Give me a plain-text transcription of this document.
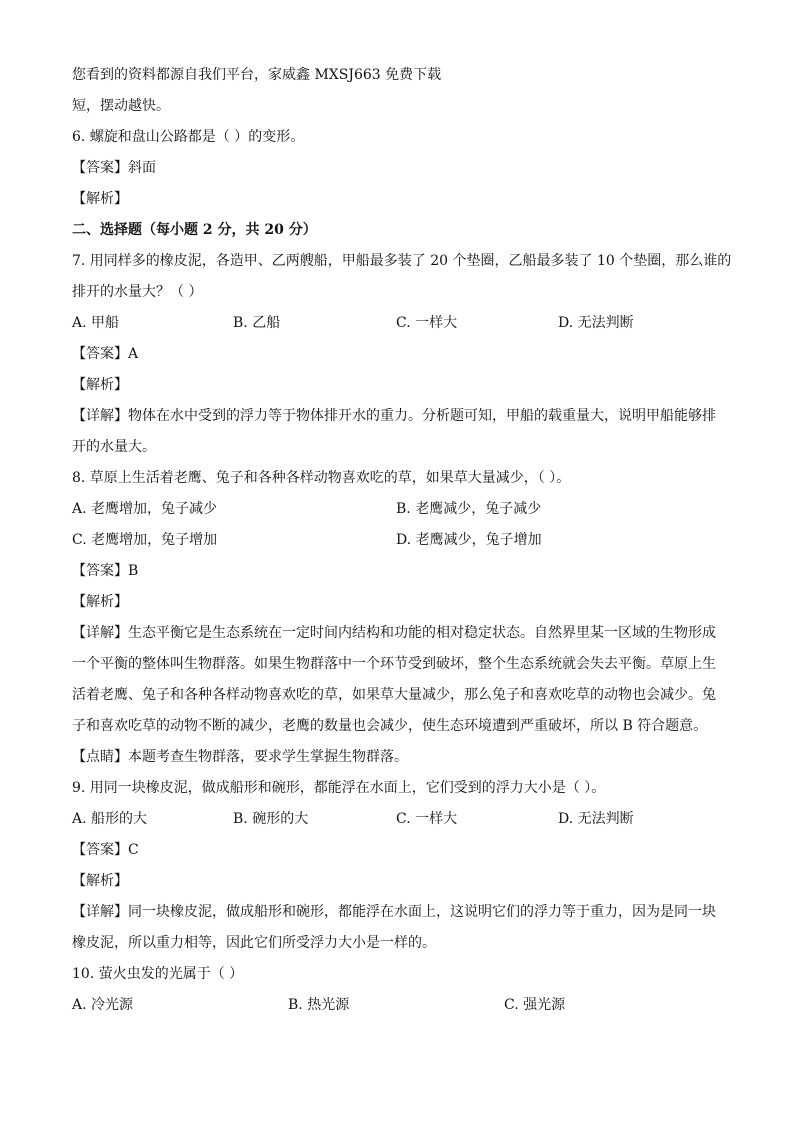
您看到的资料都源自我们平台，家威鑫 MXSJ663 免费下载
短，摆动越快。
6. 螺旋和盘山公路都是（ ）的变形。
【答案】斜面
【解析】
二、选择题（每小题 2 分，共 20 分）
7. 用同样多的橡皮泥，各造甲、乙两艘船，甲船最多装了 20 个垫圈，乙船最多装了 10 个垫圈，那么谁的
排开的水量大？（ ）
A. 甲船	B. 乙船	C. 一样大	D. 无法判断
【答案】A
【解析】
【详解】物体在水中受到的浮力等于物体排开水的重力。分析题可知，甲船的载重量大，说明甲船能够排
开的水量大。
8. 草原上生活着老鹰、兔子和各种各样动物喜欢吃的草，如果草大量减少，（ ）。
A. 老鹰增加，兔子减少	B. 老鹰减少，兔子减少
C. 老鹰增加，兔子增加	D. 老鹰减少，兔子增加
【答案】B
【解析】
【详解】生态平衡它是生态系统在一定时间内结构和功能的相对稳定状态。自然界里某一区域的生物形成
一个平衡的整体叫生物群落。如果生物群落中一个环节受到破坏，整个生态系统就会失去平衡。草原上生
活着老鹰、兔子和各种各样动物喜欢吃的草，如果草大量减少，那么兔子和喜欢吃草的动物也会减少。兔
子和喜欢吃草的动物不断的减少，老鹰的数量也会减少，使生态环境遭到严重破坏，所以 B 符合题意。
【点睛】本题考查生物群落，要求学生掌握生物群落。
9. 用同一块橡皮泥，做成船形和碗形，都能浮在水面上，它们受到的浮力大小是（ ）。
A. 船形的大	B. 碗形的大	C. 一样大	D. 无法判断
【答案】C
【解析】
【详解】同一块橡皮泥，做成船形和碗形，都能浮在水面上，这说明它们的浮力等于重力，因为是同一块
橡皮泥，所以重力相等，因此它们所受浮力大小是一样的。
10. 萤火虫发的光属于（ ）
A. 冷光源	B. 热光源	C. 强光源
